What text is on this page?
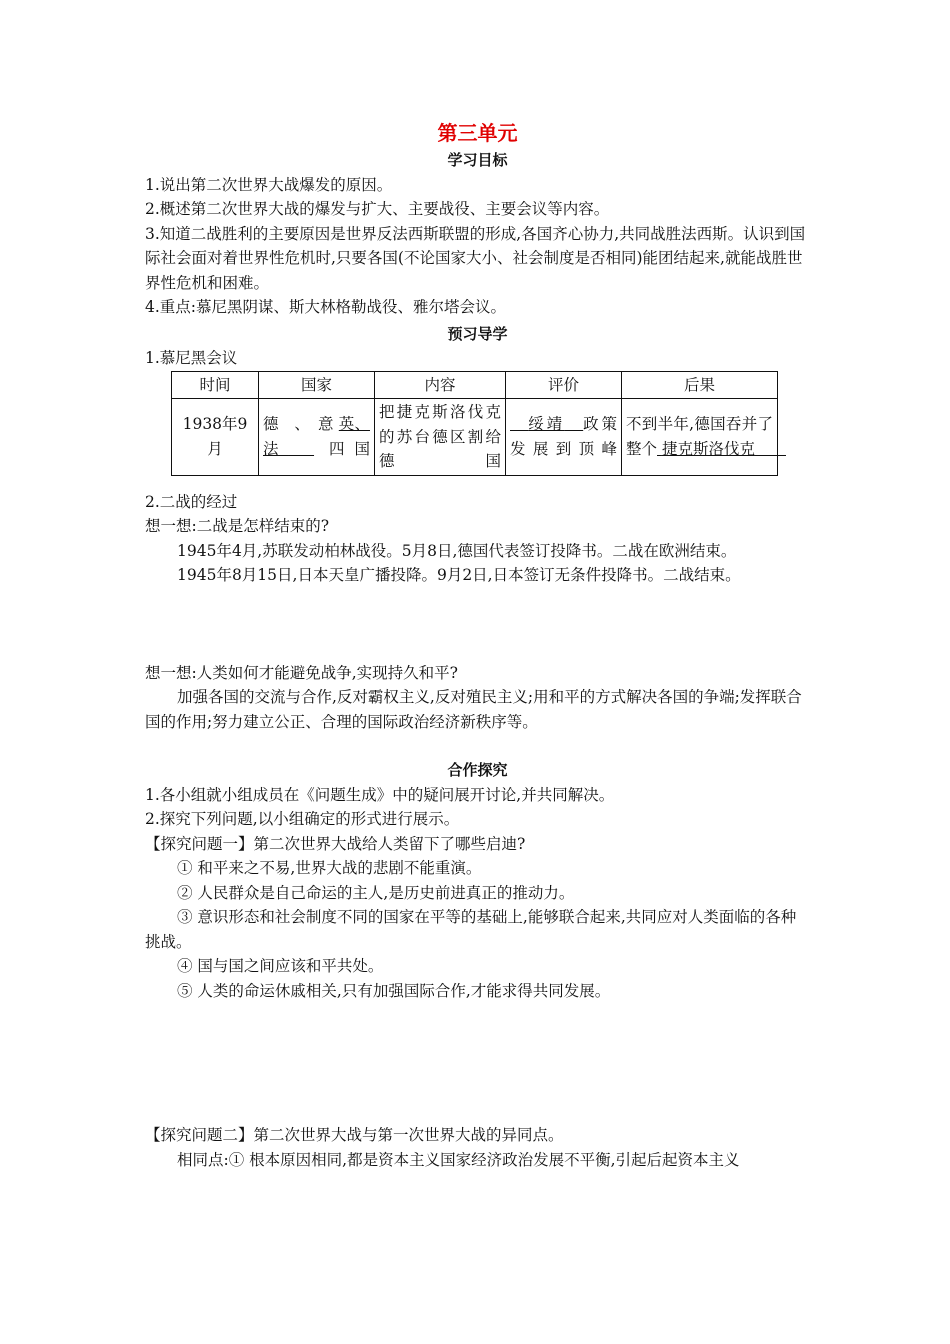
第三单元
学习目标

1.说出第二次世界大战爆发的原因。

2.概述第二次世界大战的爆发与扩大、主要战役、主要会议等内容。

3.知道二战胜利的主要原因是世界反法西斯联盟的形成,各国齐心协力,共同战胜法西斯。认识到国际社会面对着世界性危机时,只要各国(不论国家大小、社会制度是否相同)能团结起来,就能战胜世界性危机和困难。

4.重点:慕尼黑阴谋、斯大林格勒战役、雅尔塔会议。

预习导学

1.慕尼黑会议

时间	国家	内容	评价	后果
1938年9月	德　、　意 英、法　 四国	把捷克斯洛伐克的苏台德区割给德国	　绥靖　 政策发展到顶峰	不到半年,德国吞并了整个 捷克斯洛伐克　　

2.二战的经过

想一想:二战是怎样结束的?

1945年4月,苏联发动柏林战役。5月8日,德国代表签订投降书。二战在欧洲结束。

1945年8月15日,日本天皇广播投降。9月2日,日本签订无条件投降书。二战结束。

想一想:人类如何才能避免战争,实现持久和平?

加强各国的交流与合作,反对霸权主义,反对殖民主义;用和平的方式解决各国的争端;发挥联合国的作用;努力建立公正、合理的国际政治经济新秩序等。

合作探究

1.各小组就小组成员在《问题生成》中的疑问展开讨论,并共同解决。

2.探究下列问题,以小组确定的形式进行展示。

【探究问题一】第二次世界大战给人类留下了哪些启迪?

① 和平来之不易,世界大战的悲剧不能重演。

② 人民群众是自己命运的主人,是历史前进真正的推动力。

③ 意识形态和社会制度不同的国家在平等的基础上,能够联合起来,共同应对人类面临的各种挑战。

④ 国与国之间应该和平共处。

⑤ 人类的命运休戚相关,只有加强国际合作,才能求得共同发展。

【探究问题二】第二次世界大战与第一次世界大战的异同点。

相同点:① 根本原因相同,都是资本主义国家经济政治发展不平衡,引起后起资本主义
